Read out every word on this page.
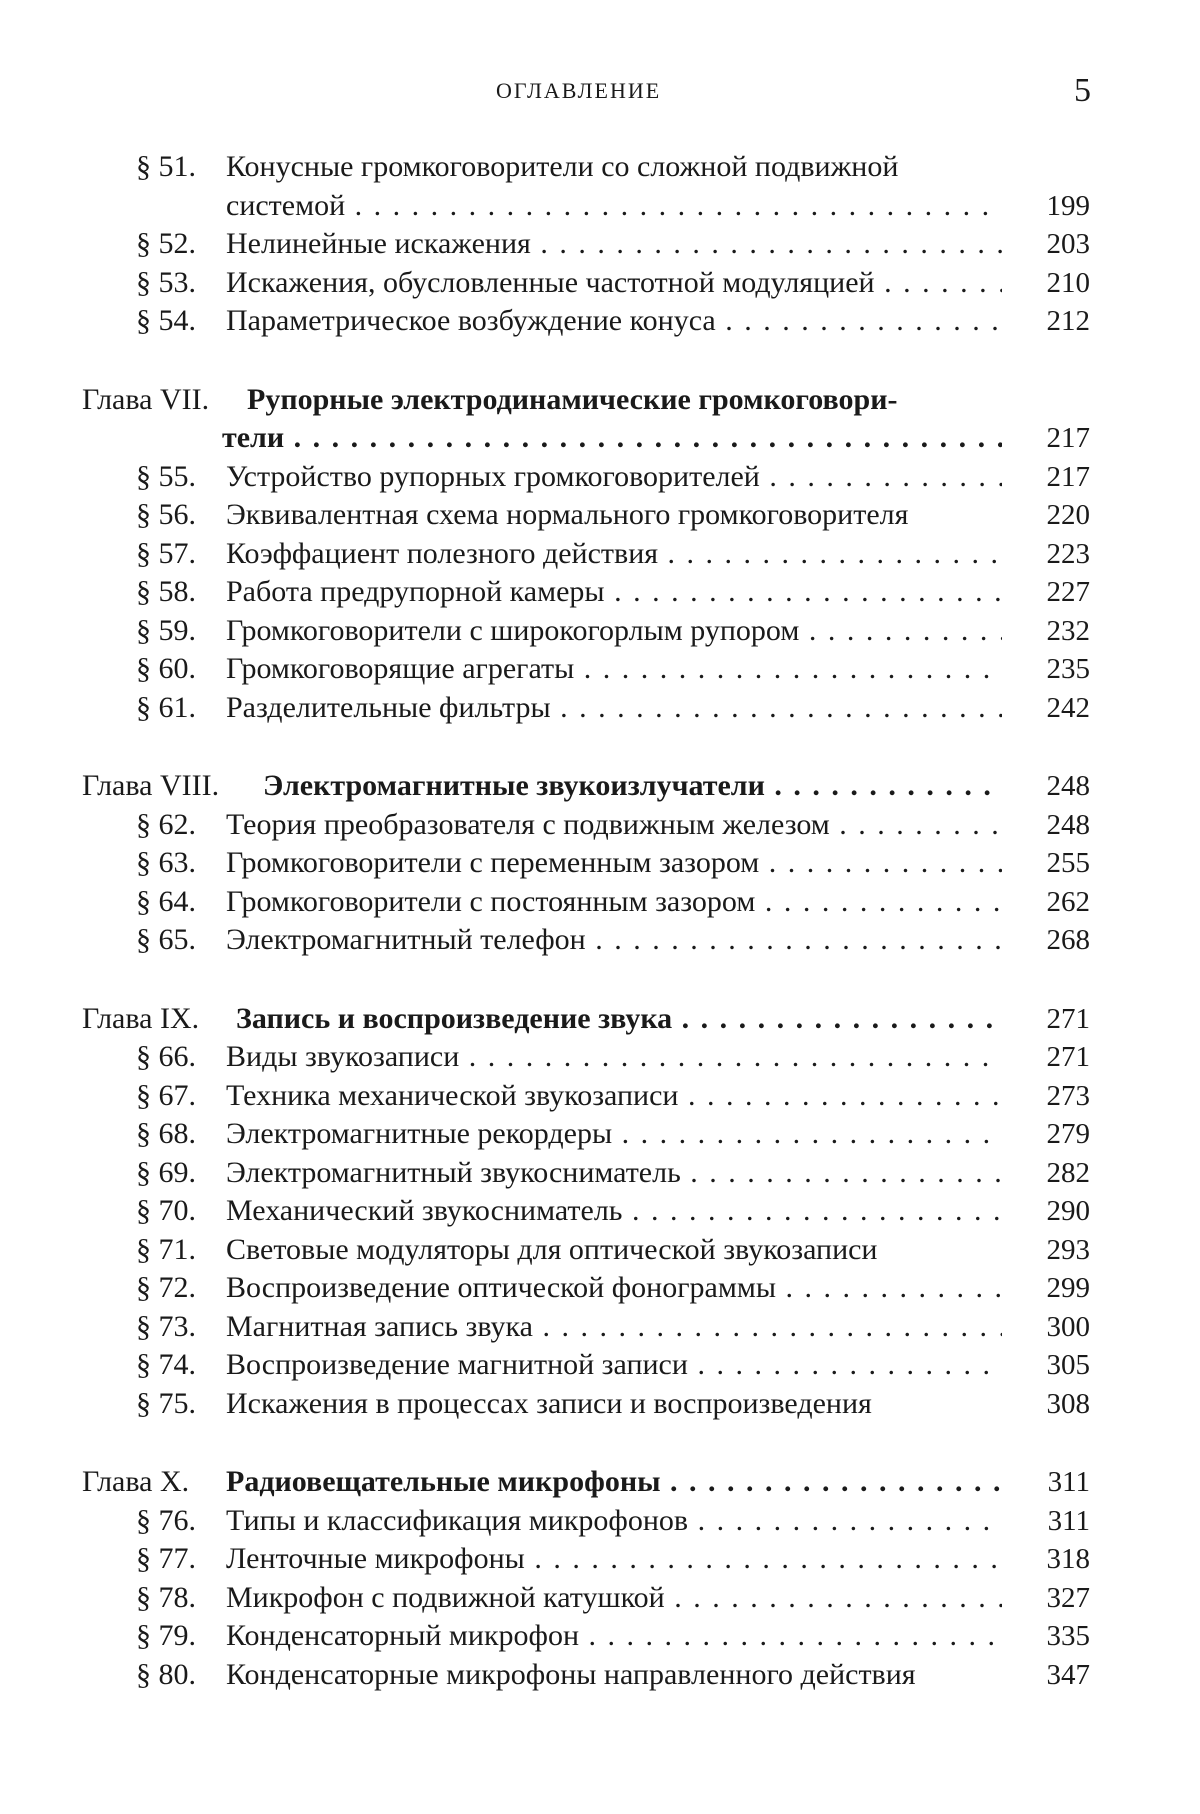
ОГЛАВЛЕНИЕ	5
§ 51. Конусные громкоговорители со сложной подвижной
системой . . .	199
§ 52. Нелинейные искажения . . .	203
§ 53. Искажения, обусловленные частотной модуляцией . . .	210
§ 54. Параметрическое возбуждение конуса . . .	212
Глава VII. Рупорные электродинамические громкоговори-
тели . . .	217
§ 55. Устройство рупорных громкоговорителей . . .	217
§ 56. Эквивалентная схема нормального громкоговорителя	220
§ 57. Коэффациент полезного действия . . .	223
§ 58. Работа предрупорной камеры . . .	227
§ 59. Громкоговорители с широкогорлым рупором . . .	232
§ 60. Громкоговорящие агрегаты . . .	235
§ 61. Разделительные фильтры . . .	242
Глава VIII. Электромагнитные звукоизлучатели . . .	248
§ 62. Теория преобразователя с подвижным железом . . .	248
§ 63. Громкоговорители с переменным зазором . . .	255
§ 64. Громкоговорители с постоянным зазором . . .	262
§ 65. Электромагнитный телефон . . .	268
Глава IX. Запись и воспроизведение звука . . .	271
§ 66. Виды звукозаписи . . .	271
§ 67. Техника механической звукозаписи . . .	273
§ 68. Электромагнитные рекордеры . . .	279
§ 69. Электромагнитный звукосниматель . . .	282
§ 70. Механический звукосниматель . . .	290
§ 71. Световые модуляторы для оптической звукозаписи	293
§ 72. Воспроизведение оптической фонограммы . . .	299
§ 73. Магнитная запись звука . . .	300
§ 74. Воспроизведение магнитной записи . . .	305
§ 75. Искажения в процессах записи и воспроизведения	308
Глава X. Радиовещательные микрофоны . . .	311
§ 76. Типы и классификация микрофонов . . .	311
§ 77. Ленточные микрофоны . . .	318
§ 78. Микрофон с подвижной катушкой . . .	327
§ 79. Конденсаторный микрофон . . .	335
§ 80. Конденсаторные микрофоны направленного действия	347
